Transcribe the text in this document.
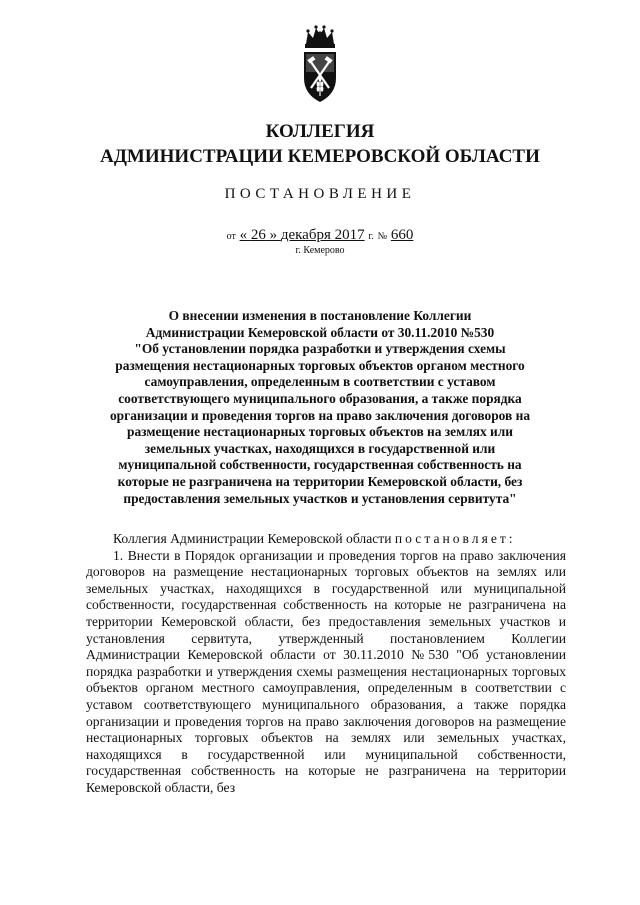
КОЛЛЕГИЯ
АДМИНИСТРАЦИИ КЕМЕРОВСКОЙ ОБЛАСТИ
ПОСТАНОВЛЕНИЕ
от « 26 » декабря 2017 г. № 660
г. Кемерово
О внесении изменения в постановление Коллегии
Администрации Кемеровской области от 30.11.2010 №530
"Об установлении порядка разработки и утверждения схемы
размещения нестационарных торговых объектов органом местного
самоуправления, определенным в соответствии с уставом
соответствующего муниципального образования, а также порядка
организации и проведения торгов на право заключения договоров на
размещение нестационарных торговых объектов на землях или
земельных участках, находящихся в государственной или
муниципальной собственности, государственная собственность на
которые не разграничена на территории Кемеровской области, без
предоставления земельных участков и установления сервитута"

Коллегия Администрации Кемеровской области постановляет:

1. Внести в Порядок организации и проведения торгов на право заключения договоров на размещение нестационарных торговых объектов на землях или земельных участках, находящихся в государственной или муниципальной собственности, государственная собственность на которые не разграничена на территории Кемеровской области, без предоставления земельных участков и установления сервитута, утвержденный постановлением Коллегии Администрации Кемеровской области от 30.11.2010 №530 "Об установлении порядка разработки и утверждения схемы размещения нестационарных торговых объектов органом местного самоуправления, определенным в соответствии с уставом соответствующего муниципального образования, а также порядка организации и проведения торгов на право заключения договоров на размещение нестационарных торговых объектов на землях или земельных участках, находящихся в государственной или муниципальной собственности, государственная собственность на которые не разграничена на территории Кемеровской области, без
